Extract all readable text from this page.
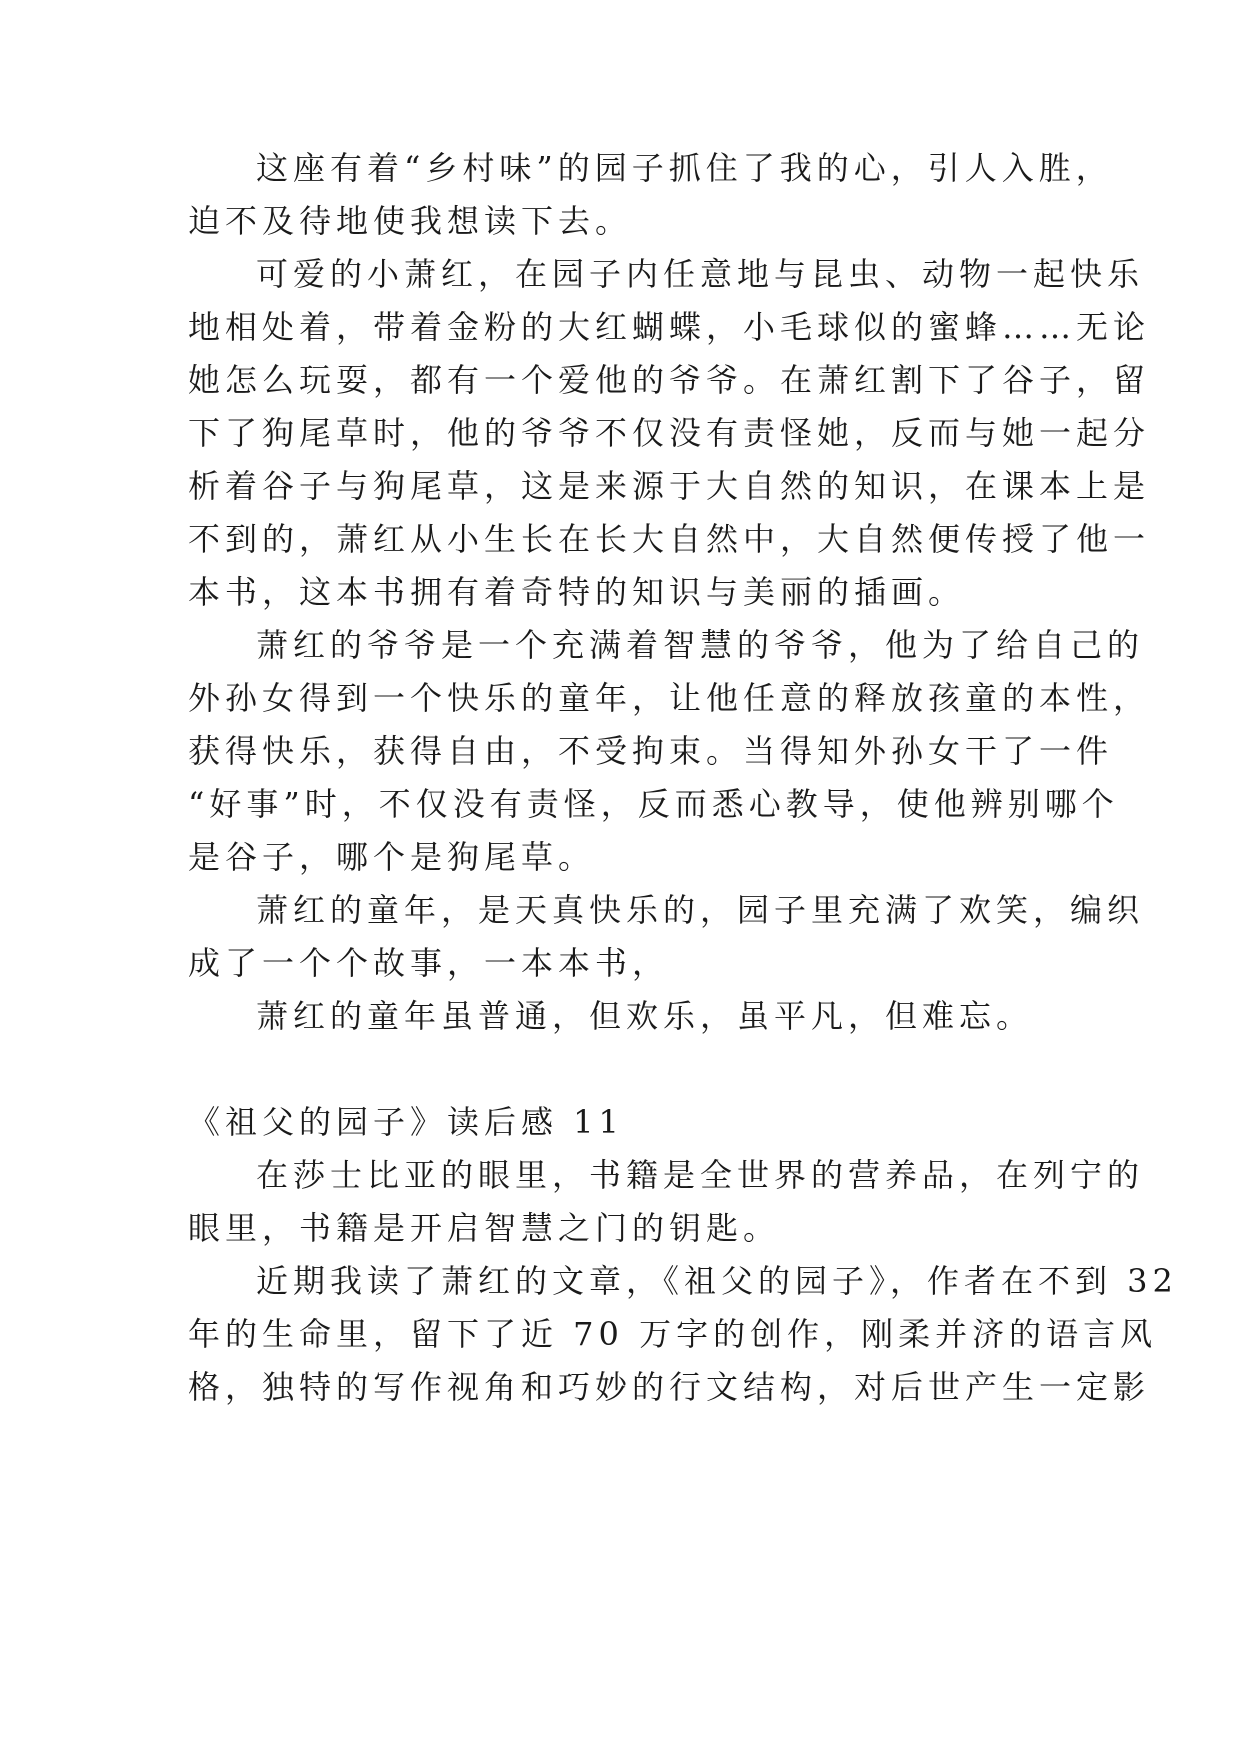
这座有着“乡村味”的园子抓住了我的心，引人入胜，
迫不及待地使我想读下去。
可爱的小萧红，在园子内任意地与昆虫、动物一起快乐
地相处着，带着金粉的大红蝴蝶，小毛球似的蜜蜂……无论
她怎么玩耍，都有一个爱他的爷爷。在萧红割下了谷子，留
下了狗尾草时，他的爷爷不仅没有责怪她，反而与她一起分
析着谷子与狗尾草，这是来源于大自然的知识，在课本上是
不到的，萧红从小生长在长大自然中，大自然便传授了他一
本书，这本书拥有着奇特的知识与美丽的插画。
萧红的爷爷是一个充满着智慧的爷爷，他为了给自己的
外孙女得到一个快乐的童年，让他任意的释放孩童的本性，
获得快乐，获得自由，不受拘束。当得知外孙女干了一件
“好事”时，不仅没有责怪，反而悉心教导，使他辨别哪个
是谷子，哪个是狗尾草。
萧红的童年，是天真快乐的，园子里充满了欢笑，编织
成了一个个故事，一本本书，
萧红的童年虽普通，但欢乐，虽平凡，但难忘。
《祖父的园子》读后感 11
在莎士比亚的眼里，书籍是全世界的营养品，在列宁的
眼里，书籍是开启智慧之门的钥匙。
近期我读了萧红的文章，《祖父的园子》，作者在不到 32
年的生命里，留下了近 70 万字的创作，刚柔并济的语言风
格，独特的写作视角和巧妙的行文结构，对后世产生一定影
